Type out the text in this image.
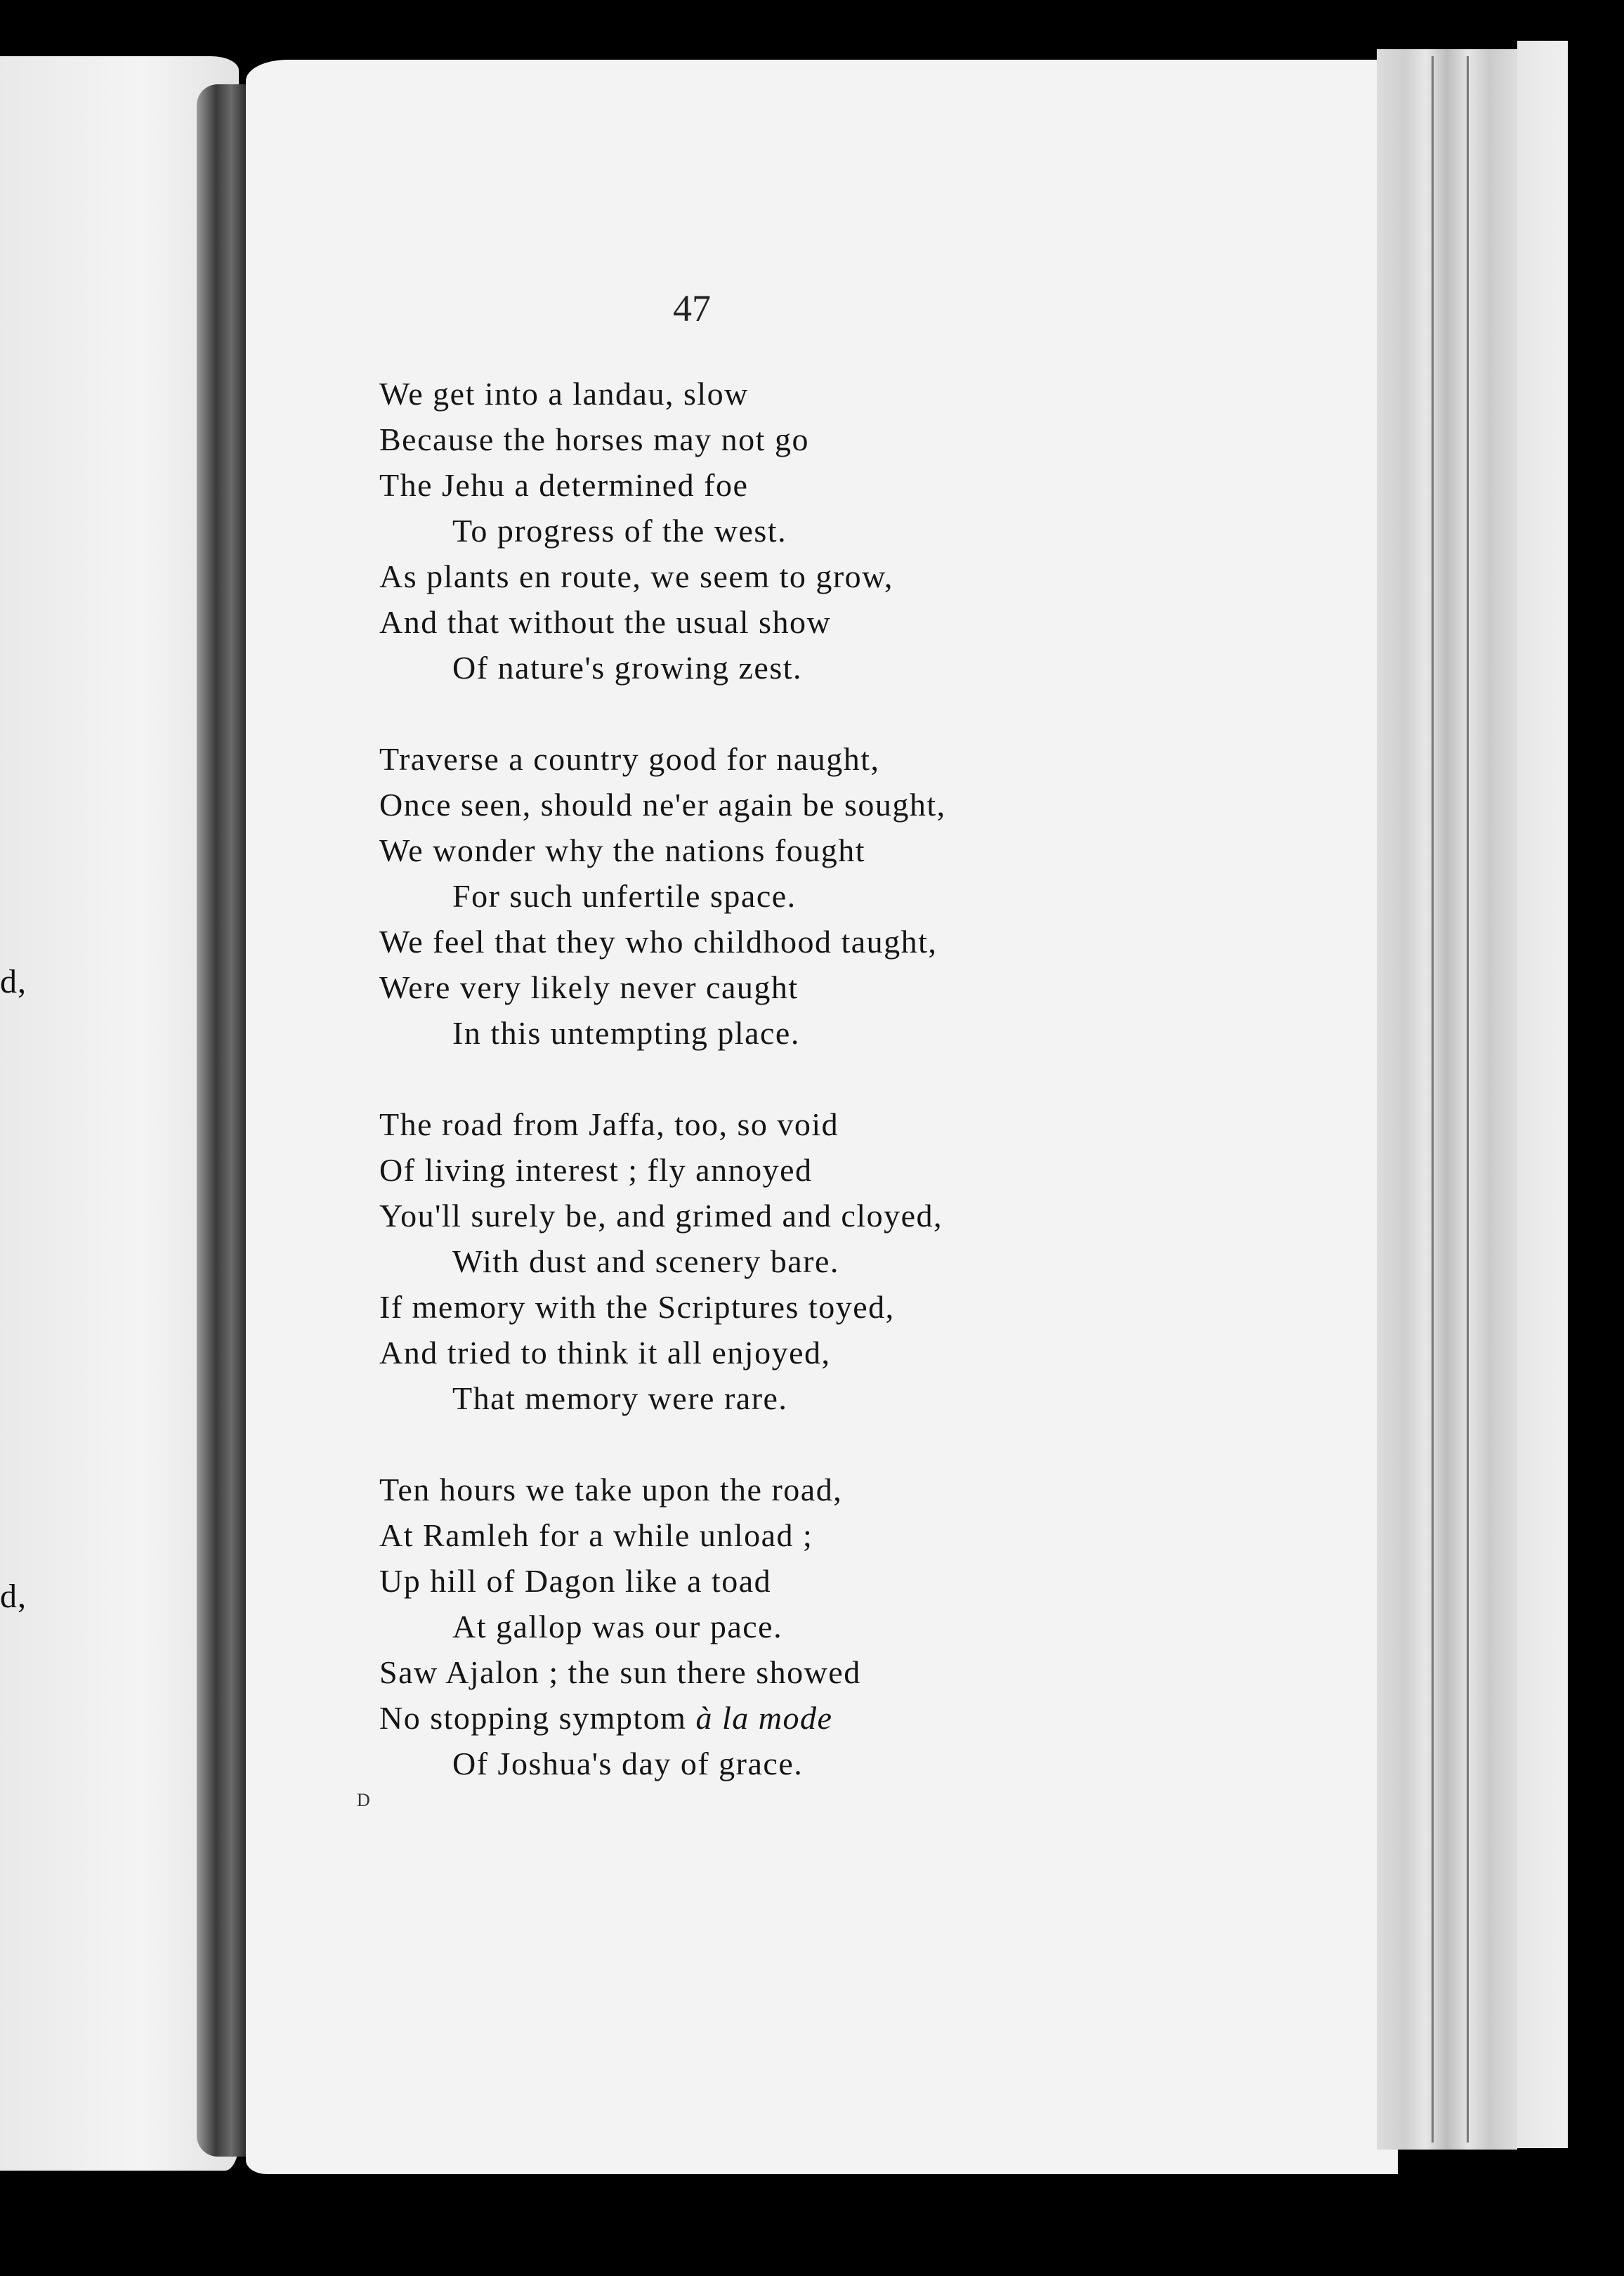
d,
d,
47
We get into a landau, slow
Because the horses may not go
The Jehu a determined foe
To progress of the west.
As plants en route, we seem to grow,
And that without the usual show
Of nature's growing zest.
Traverse a country good for naught,
Once seen, should ne'er again be sought,
We wonder why the nations fought
For such unfertile space.
We feel that they who childhood taught,
Were very likely never caught
In this untempting place.
The road from Jaffa, too, so void
Of living interest ; fly annoyed
You'll surely be, and grimed and cloyed,
With dust and scenery bare.
If memory with the Scriptures toyed,
And tried to think it all enjoyed,
That memory were rare.
Ten hours we take upon the road,
At Ramleh for a while unload ;
Up hill of Dagon like a toad
At gallop was our pace.
Saw Ajalon ; the sun there showed
No stopping symptom à la mode
Of Joshua's day of grace.
D
